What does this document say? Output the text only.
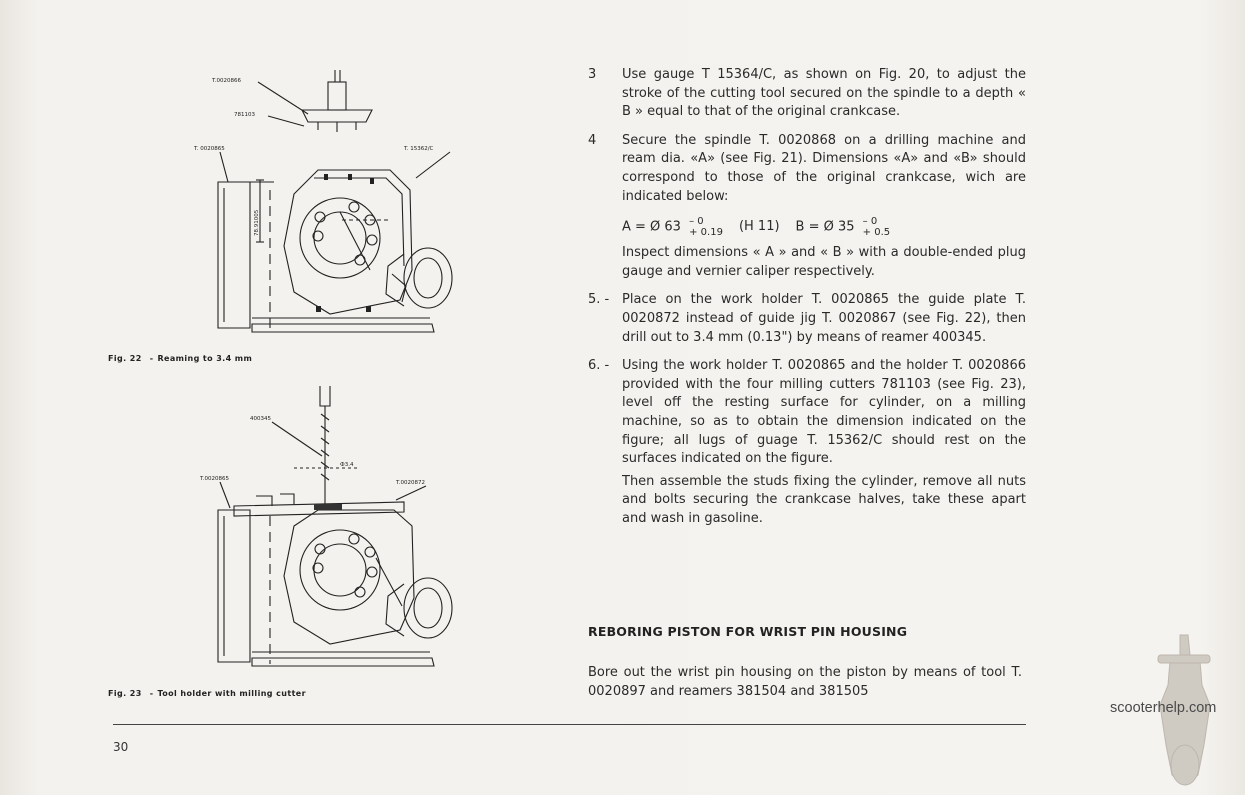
T.0020866
781103
T. 0020865	T. 15362/C
78.91005
Fig. 22 - Reaming to 3.4 mm
400345
Ф3.4
T.0020865
T.0020872
Fig. 23 - Tool holder with milling cutter
3 Use gauge T 15364/C, as shown on Fig. 20, to adjust the stroke of the cutting tool secured on the spindle to a depth « B » equal to that of the original crankcase.

4 Secure the spindle T. 0020868 on a drilling machine and ream dia. «A» (see Fig. 21). Dimensions «A» and «B» should correspond to those of the original crankcase, wich are indicated below:

A = Ø 63 – 0
+ 0.19 (H 11) B = Ø 35 – 0
+ 0.5

Inspect dimensions « A » and « B » with a double-ended plug gauge and vernier caliper respectively.

5. - Place on the work holder T. 0020865 the guide plate T. 0020872 instead of guide jig T. 0020867 (see Fig. 22), then drill out to 3.4 mm (0.13") by means of reamer 400345.

6. - Using the work holder T. 0020865 and the holder T. 0020866 provided with the four milling cutters 781103 (see Fig. 23), level off the resting surface for cylinder, on a milling machine, so as to obtain the dimension indicated on the figure; all lugs of guage T. 15362/C should rest on the surfaces indicated on the figure.

Then assemble the studs fixing the cylinder, remove all nuts and bolts securing the crankcase halves, take these apart and wash in gasoline.

REBORING PISTON FOR WRIST PIN HOUSING
Bore out the wrist pin housing on the piston by means of tool T. 0020897 and reamers 381504 and 381505
30
scooterhelp.com
